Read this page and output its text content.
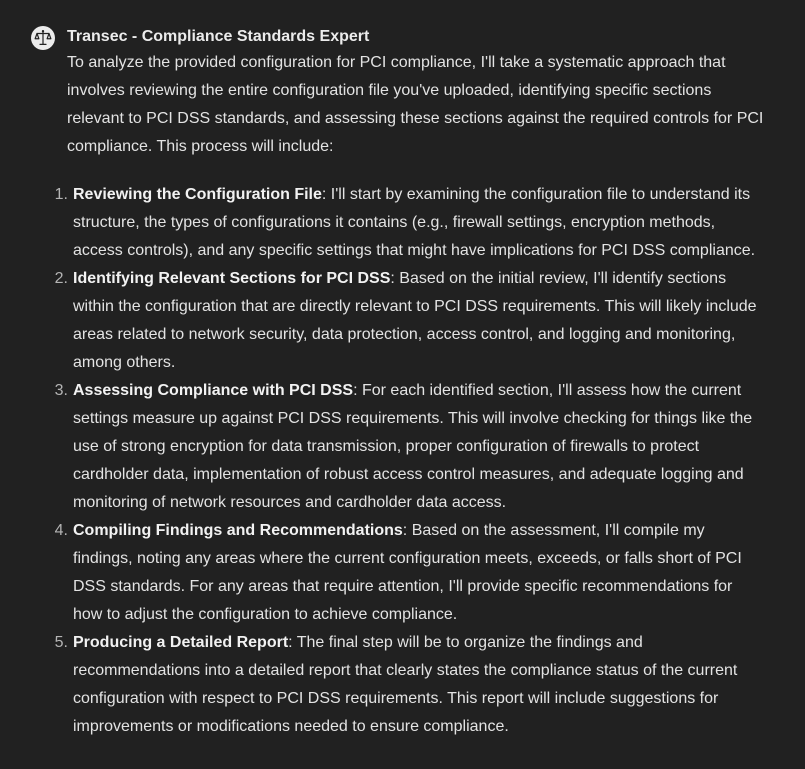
Transec - Compliance Standards Expert
To analyze the provided configuration for PCI compliance, I'll take a systematic approach that involves reviewing the entire configuration file you've uploaded, identifying specific sections relevant to PCI DSS standards, and assessing these sections against the required controls for PCI compliance. This process will include:
1. Reviewing the Configuration File: I'll start by examining the configuration file to understand its structure, the types of configurations it contains (e.g., firewall settings, encryption methods, access controls), and any specific settings that might have implications for PCI DSS compliance.
2. Identifying Relevant Sections for PCI DSS: Based on the initial review, I'll identify sections within the configuration that are directly relevant to PCI DSS requirements. This will likely include areas related to network security, data protection, access control, and logging and monitoring, among others.
3. Assessing Compliance with PCI DSS: For each identified section, I'll assess how the current settings measure up against PCI DSS requirements. This will involve checking for things like the use of strong encryption for data transmission, proper configuration of firewalls to protect cardholder data, implementation of robust access control measures, and adequate logging and monitoring of network resources and cardholder data access.
4. Compiling Findings and Recommendations: Based on the assessment, I'll compile my findings, noting any areas where the current configuration meets, exceeds, or falls short of PCI DSS standards. For any areas that require attention, I'll provide specific recommendations for how to adjust the configuration to achieve compliance.
5. Producing a Detailed Report: The final step will be to organize the findings and recommendations into a detailed report that clearly states the compliance status of the current configuration with respect to PCI DSS requirements. This report will include suggestions for improvements or modifications needed to ensure compliance.
